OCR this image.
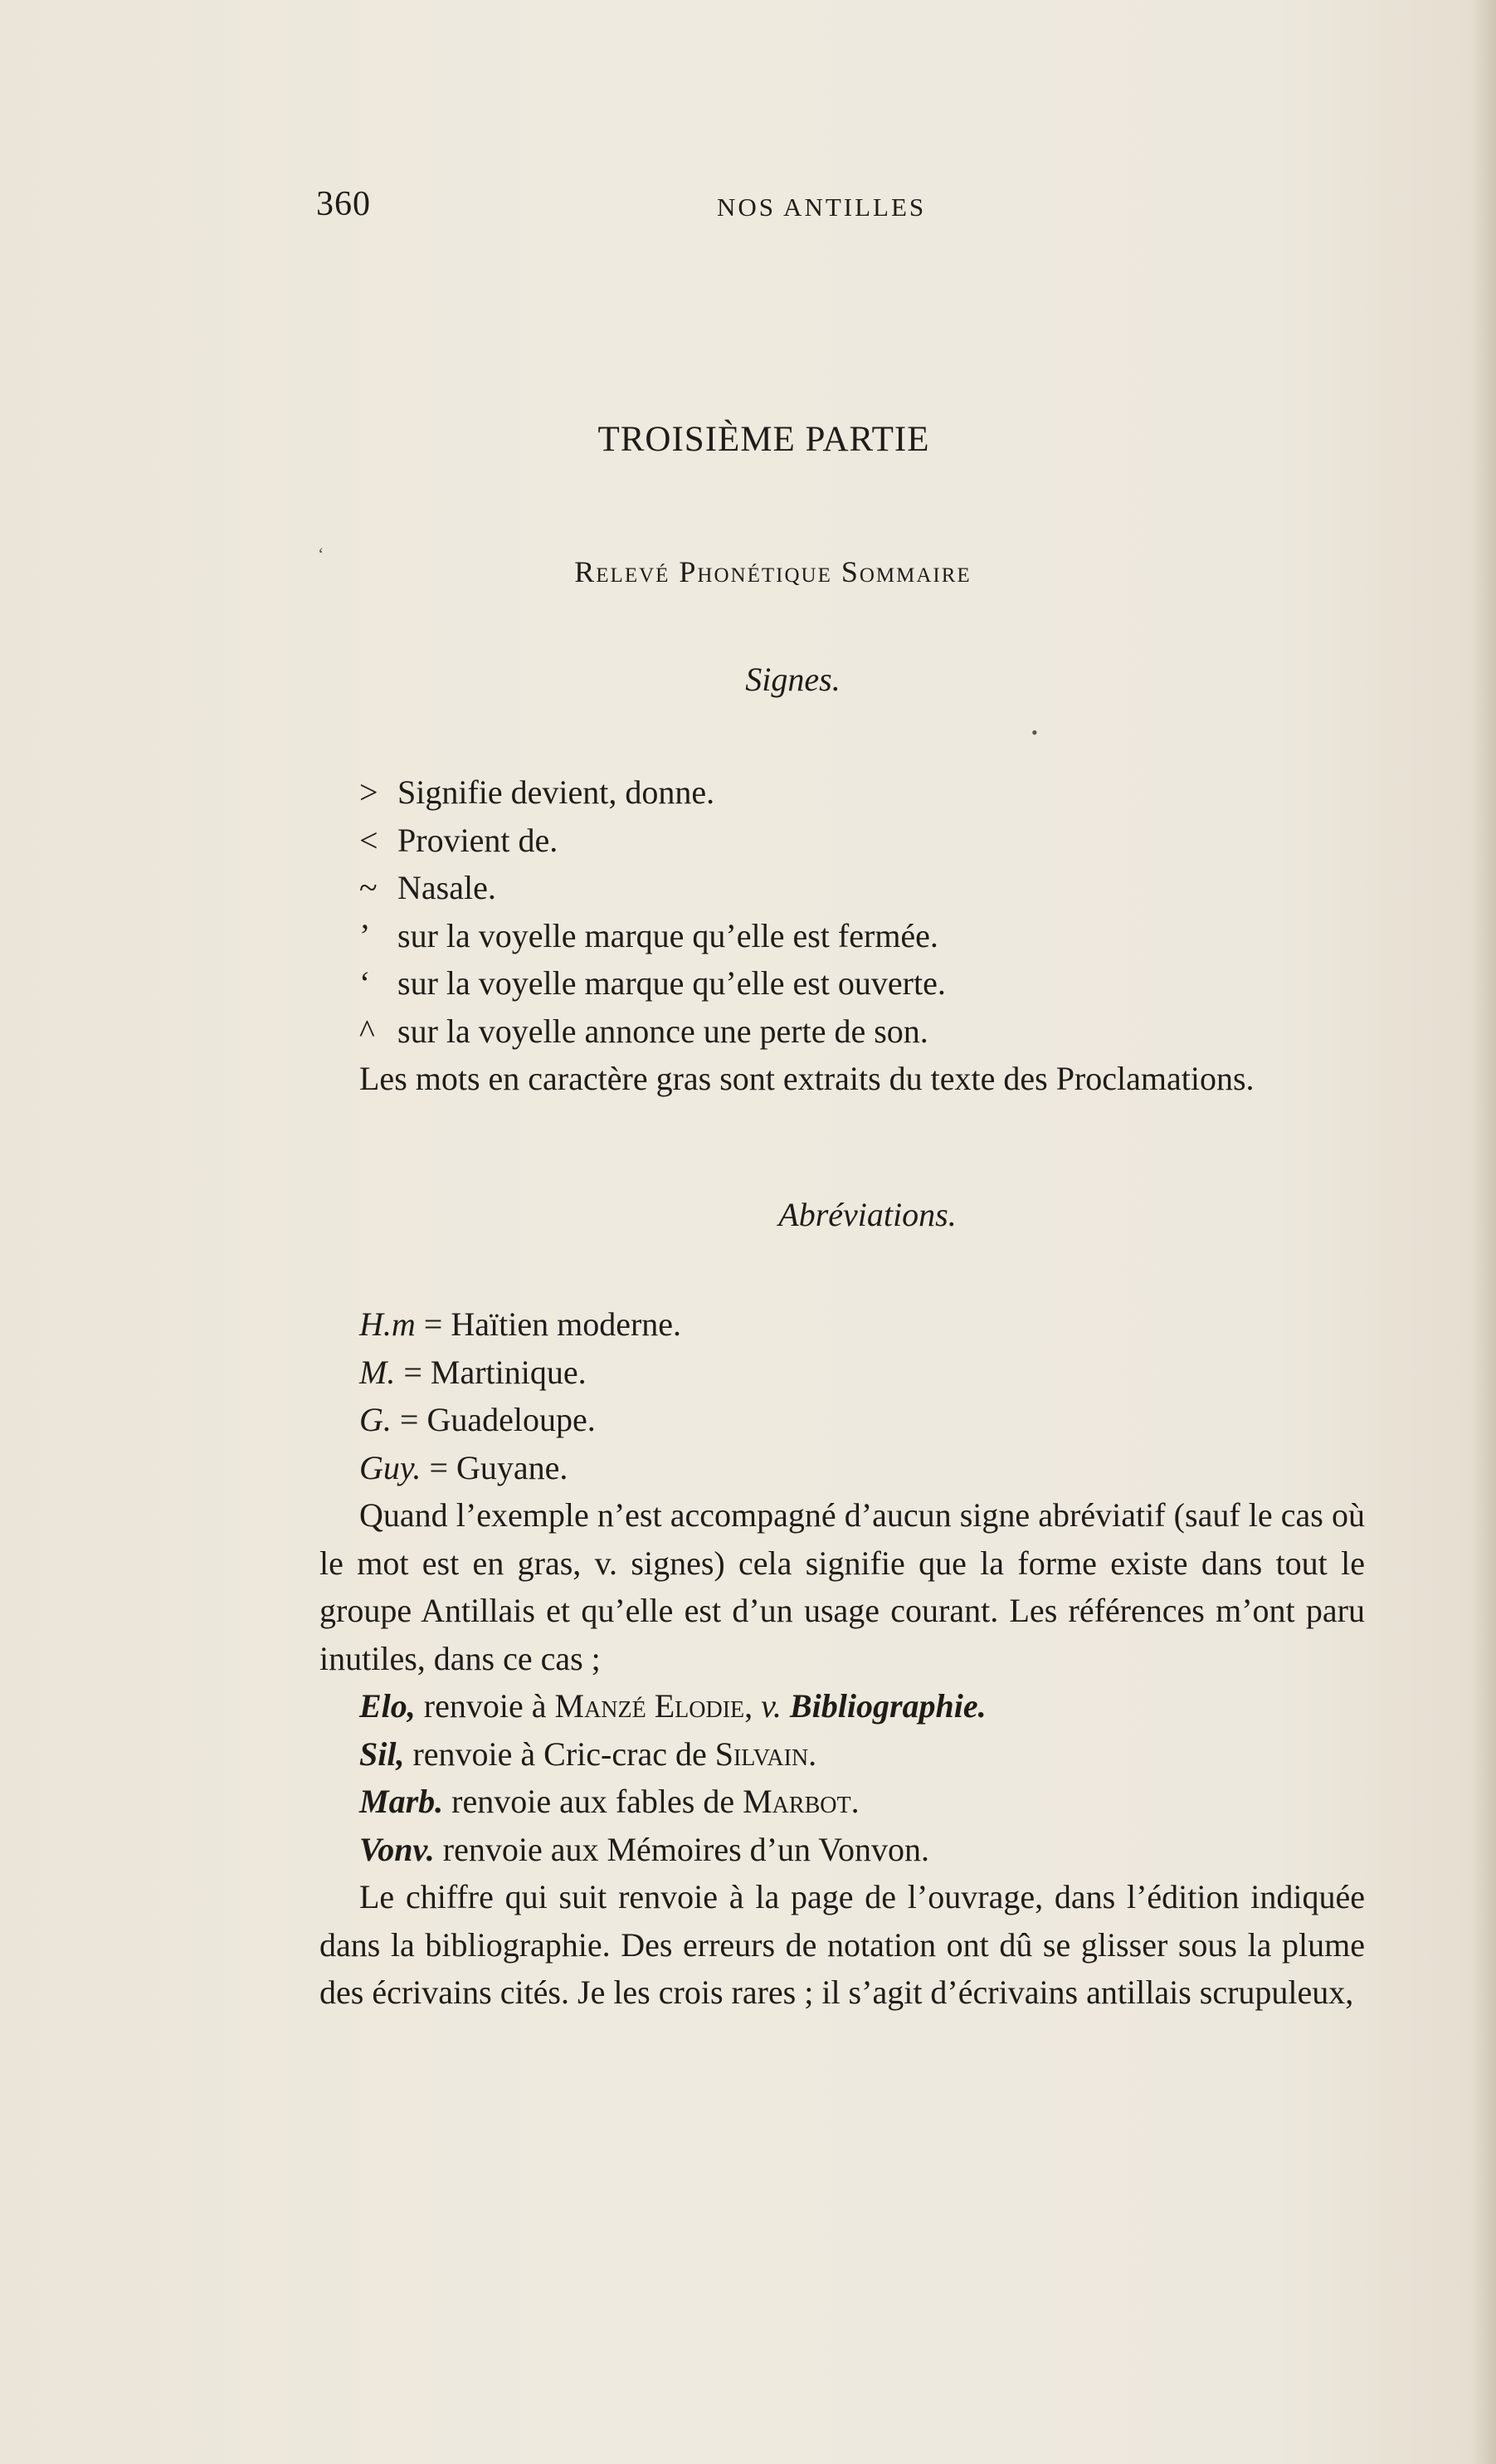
360	NOS ANTILLES
TROISIÈME PARTIE
Relevé Phonétique Sommaire
‘
•
Signes.
> Signifie devient, donne.
< Provient de.
~ Nasale.
’ sur la voyelle marque qu’elle est fermée.
‘ sur la voyelle marque qu’elle est ouverte.
^ sur la voyelle annonce une perte de son.
Les mots en caractère gras sont extraits du texte des Proclamations.
Abréviations.
H.m = Haïtien moderne.
M. = Martinique.
G. = Guadeloupe.
Guy. = Guyane.
Quand l’exemple n’est accompagné d’aucun signe abréviatif (sauf le cas où le mot est en gras, v. signes) cela signifie que la forme existe dans tout le groupe Antillais et qu’elle est d’un usage courant. Les références m’ont paru inutiles, dans ce cas ;
Elo, renvoie à Manzé Elodie, v. Bibliographie.
Sil, renvoie à Cric-crac de Silvain.
Marb. renvoie aux fables de Marbot.
Vonv. renvoie aux Mémoires d’un Vonvon.
Le chiffre qui suit renvoie à la page de l’ouvrage, dans l’édition indiquée dans la bibliographie. Des erreurs de notation ont dû se glisser sous la plume des écrivains cités. Je les crois rares ; il s’agit d’écrivains antillais scrupuleux,
